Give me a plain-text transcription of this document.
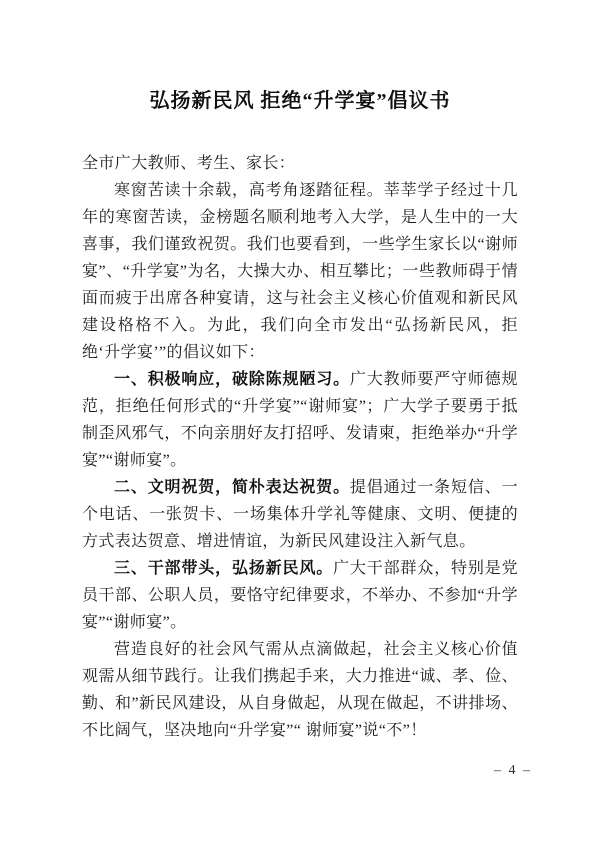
弘扬新民风 拒绝“升学宴”倡议书

全市广大教师、考生、家长：

寒窗苦读十余载，高考角逐踏征程。莘莘学子经过十几年的寒窗苦读，金榜题名顺利地考入大学，是人生中的一大喜事，我们谨致祝贺。我们也要看到，一些学生家长以“谢师宴”、“升学宴”为名，大操大办、相互攀比；一些教师碍于情面而疲于出席各种宴请，这与社会主义核心价值观和新民风建设格格不入。为此，我们向全市发出“弘扬新民风，拒绝‘升学宴’”的倡议如下：

一、积极响应，破除陈规陋习。广大教师要严守师德规范，拒绝任何形式的“升学宴”“谢师宴”；广大学子要勇于抵制歪风邪气，不向亲朋好友打招呼、发请柬，拒绝举办“升学宴”“谢师宴”。

二、文明祝贺，简朴表达祝贺。提倡通过一条短信、一个电话、一张贺卡、一场集体升学礼等健康、文明、便捷的方式表达贺意、增进情谊，为新民风建设注入新气息。

三、干部带头，弘扬新民风。广大干部群众，特别是党员干部、公职人员，要恪守纪律要求，不举办、不参加“升学宴”“谢师宴”。

营造良好的社会风气需从点滴做起，社会主义核心价值观需从细节践行。让我们携起手来，大力推进“诚、孝、俭、勤、和”新民风建设，从自身做起，从现在做起，不讲排场、不比阔气，坚决地向“升学宴”“ 谢师宴”说“不”！

– 4 –
